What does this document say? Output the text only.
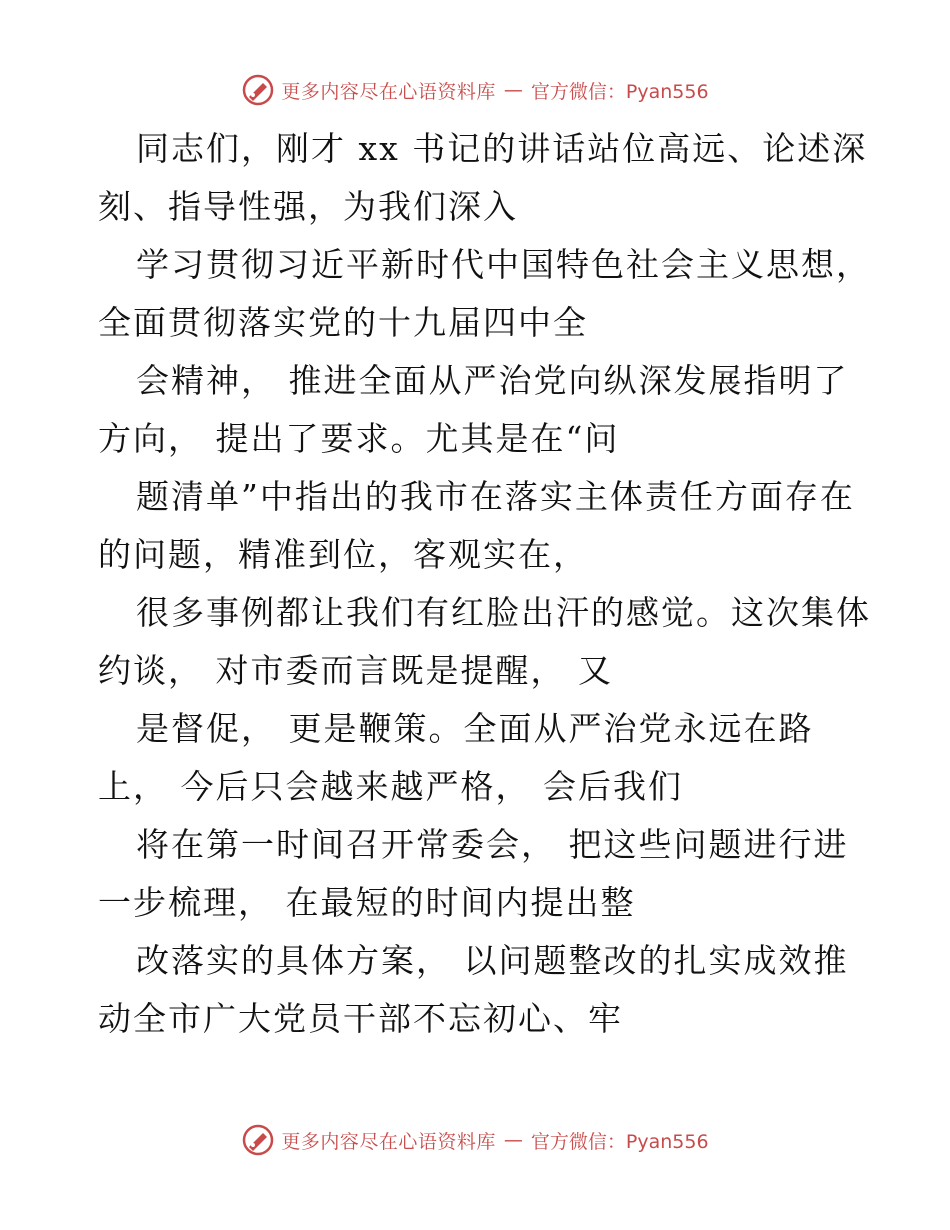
更多内容尽在心语资料库 — 官方微信：Pyan556
同志们，刚才 xx 书记的讲话站位高远、论述深
刻、指导性强，为我们深入
学习贯彻习近平新时代中国特色社会主义思想，
全面贯彻落实党的十九届四中全
会精神， 推进全面从严治党向纵深发展指明了
方向， 提出了要求。尤其是在“问
题清单”中指出的我市在落实主体责任方面存在
的问题，精准到位，客观实在，
很多事例都让我们有红脸出汗的感觉。这次集体
约谈， 对市委而言既是提醒， 又
是督促， 更是鞭策。全面从严治党永远在路
上， 今后只会越来越严格， 会后我们
将在第一时间召开常委会， 把这些问题进行进
一步梳理， 在最短的时间内提出整
改落实的具体方案， 以问题整改的扎实成效推
动全市广大党员干部不忘初心、牢
更多内容尽在心语资料库 — 官方微信：Pyan556
